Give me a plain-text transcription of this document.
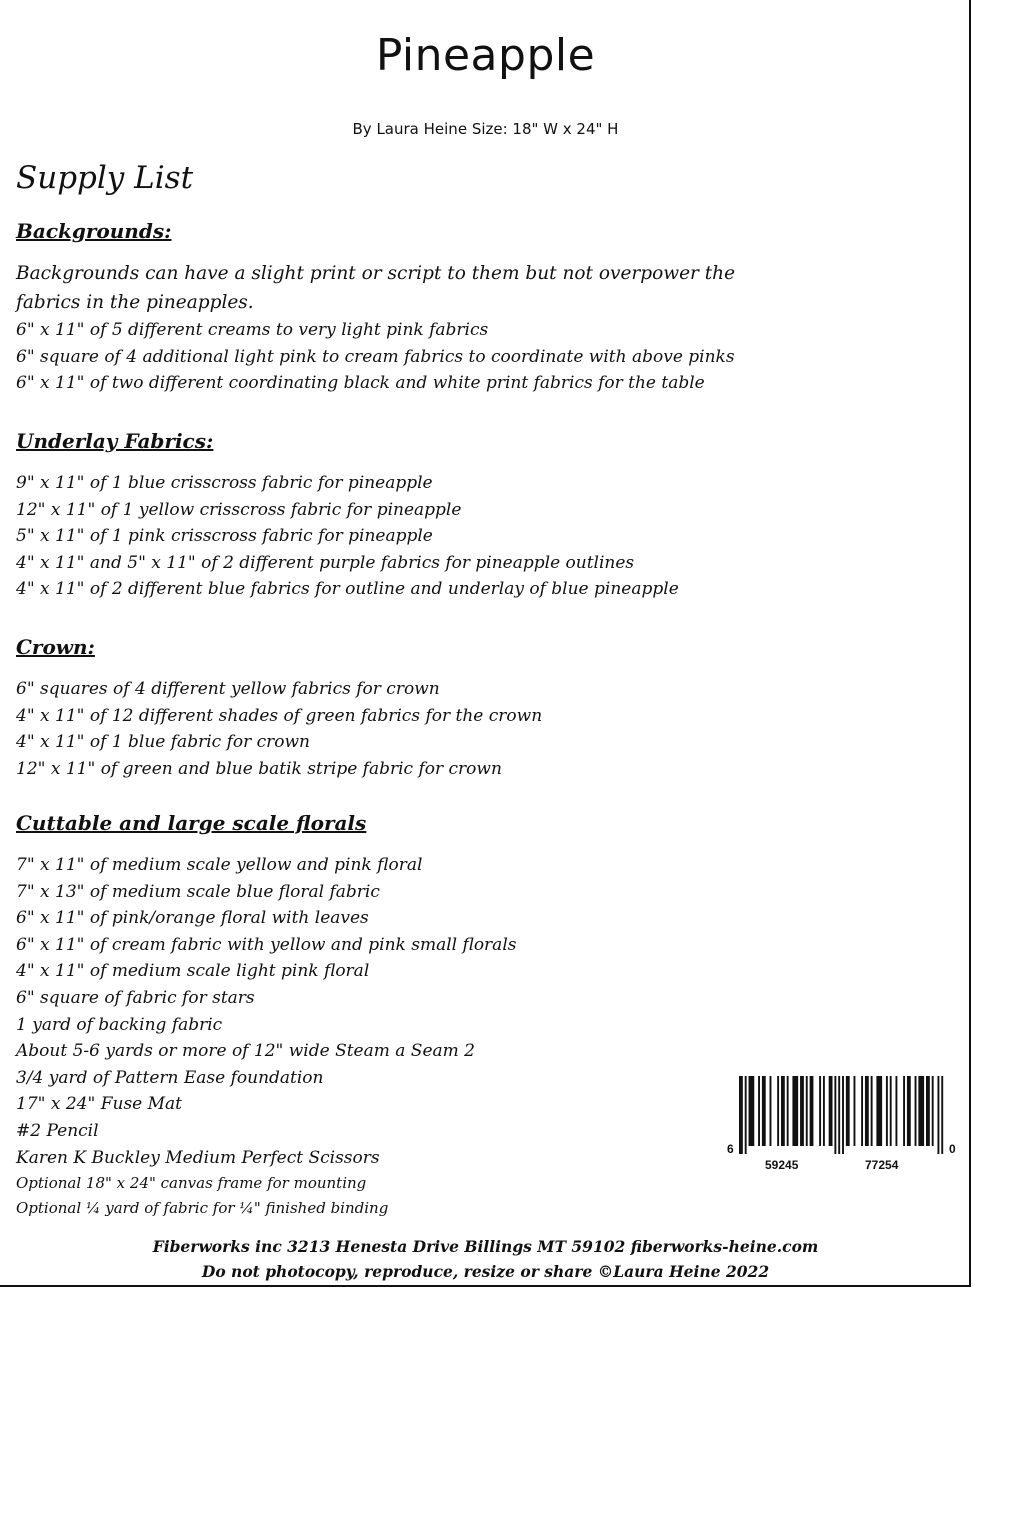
Pineapple
By Laura Heine Size: 18" W x 24" H
Supply List

Backgrounds:

Backgrounds can have a slight print or script to them but not overpower the

fabrics in the pineapples.

6" x 11" of 5 different creams to very light pink fabrics
6" square of 4 additional light pink to cream fabrics to coordinate with above pinks
6" x 11" of two different coordinating black and white print fabrics for the table

Underlay Fabrics:

9" x 11" of 1 blue crisscross fabric for pineapple
12" x 11" of 1 yellow crisscross fabric for pineapple
5" x 11" of 1 pink crisscross fabric for pineapple
4" x 11" and 5" x 11" of 2 different purple fabrics for pineapple outlines
4" x 11" of 2 different blue fabrics for outline and underlay of blue pineapple

Crown:

6" squares of 4 different yellow fabrics for crown
4" x 11" of 12 different shades of green fabrics for the crown
4" x 11" of 1 blue fabric for crown
12" x 11" of green and blue batik stripe fabric for crown

Cuttable and large scale florals

7" x 11" of medium scale yellow and pink floral
7" x 13" of medium scale blue floral fabric
6" x 11" of pink/orange floral with leaves
6" x 11" of cream fabric with yellow and pink small florals
4" x 11" of medium scale light pink floral
6" square of fabric for stars
1 yard of backing fabric
About 5-6 yards or more of 12" wide Steam a Seam 2
3/4 yard of Pattern Ease foundation
17" x 24" Fuse Mat
#2 Pencil
Karen K Buckley Medium Perfect Scissors
Optional 18" x 24" canvas frame for mounting
Optional ¼ yard of fabric for ¼" finished binding
6
59245	77254
0
Fiberworks inc 3213 Henesta Drive Billings MT 59102 fiberworks-heine.com
Do not photocopy, reproduce, resize or share ©Laura Heine 2022
